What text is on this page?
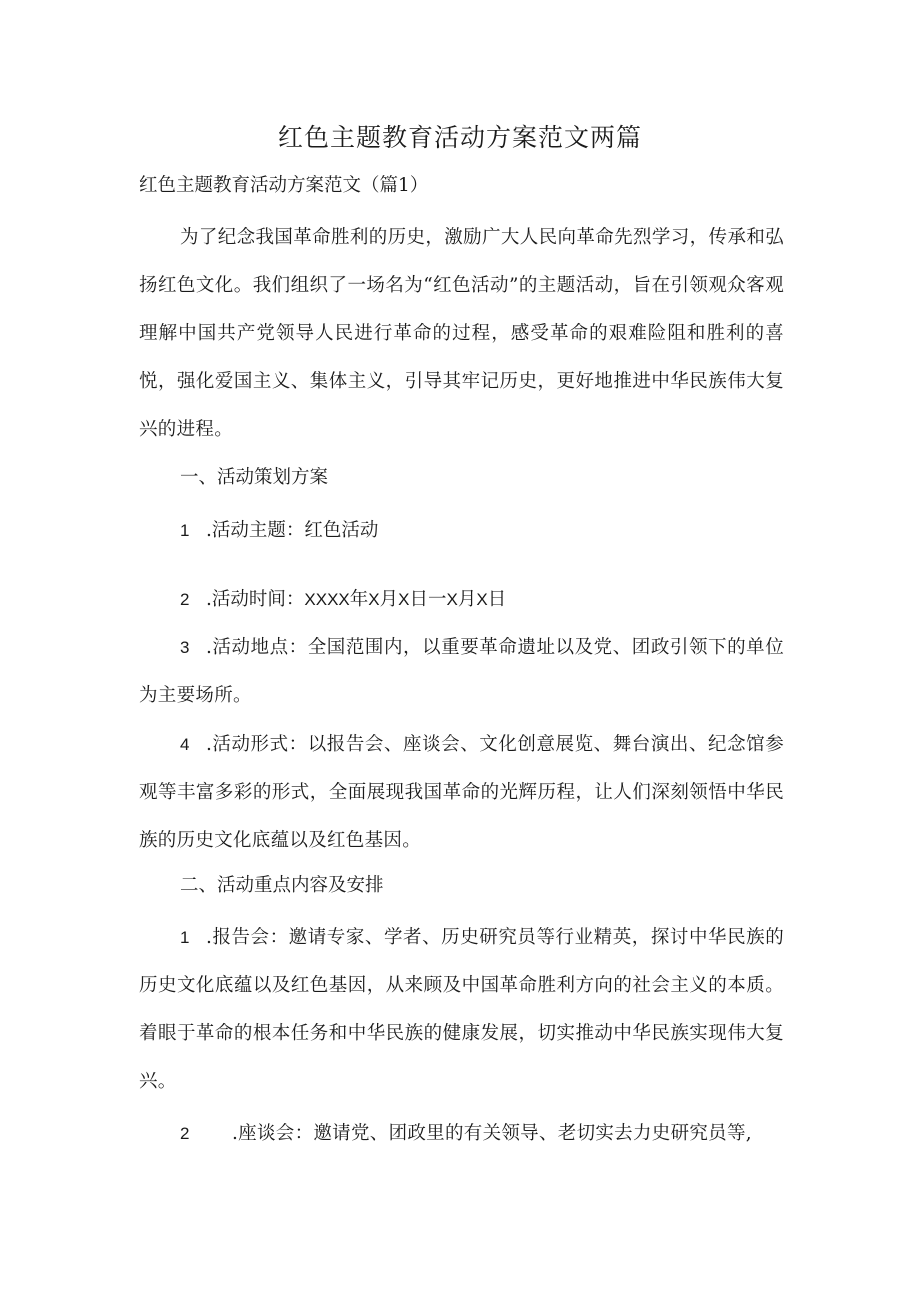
红色主题教育活动方案范文两篇
红色主题教育活动方案范文（篇1）
为了纪念我国革命胜利的历史，激励广大人民向革命先烈学习，传承和弘扬红色文化。我们组织了一场名为“红色活动”的主题活动，旨在引领观众客观理解中国共产党领导人民进行革命的过程，感受革命的艰难险阻和胜利的喜悦，强化爱国主义、集体主义，引导其牢记历史，更好地推进中华民族伟大复兴的进程。
一、活动策划方案
1 .活动主题：红色活动
2 .活动时间：XXXX年X月X日一X月X日
3 .活动地点：全国范围内，以重要革命遗址以及党、团政引领下的单位为主要场所。
4 .活动形式：以报告会、座谈会、文化创意展览、舞台演出、纪念馆参观等丰富多彩的形式，全面展现我国革命的光辉历程，让人们深刻领悟中华民族的历史文化底蕴以及红色基因。
二、活动重点内容及安排
1 .报告会：邀请专家、学者、历史研究员等行业精英，探讨中华民族的历史文化底蕴以及红色基因，从来顾及中国革命胜利方向的社会主义的本质。着眼于革命的根本任务和中华民族的健康发展，切实推动中华民族实现伟大复兴。
2 .座谈会：邀请党、团政里的有关领导、老切实去力史研究员等,
